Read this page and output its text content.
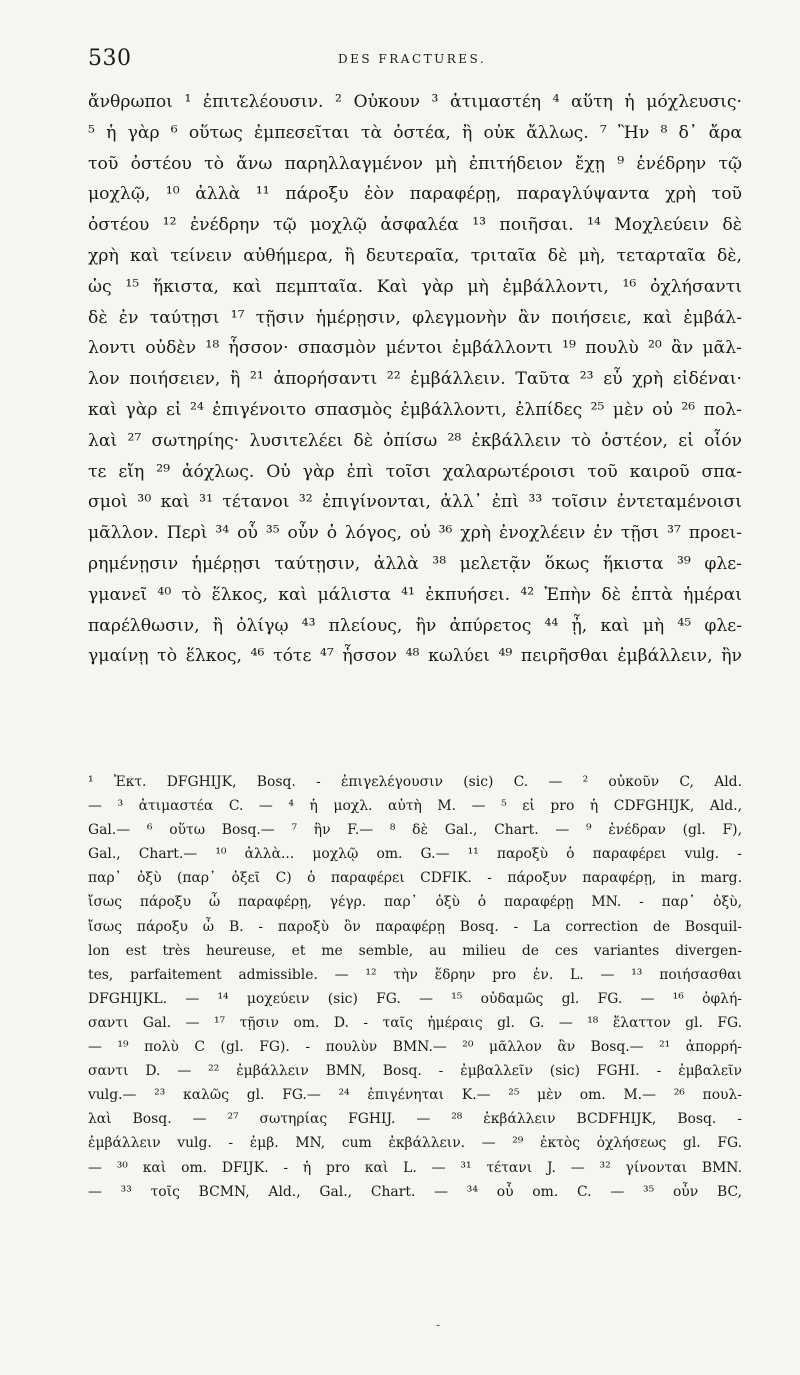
530	DES FRACTURES.
ἄνθρωποι ¹ ἐπιτελέουσιν. ² Οὐκουν ³ ἀτιμαστέη ⁴ αὕτη ἡ μόχλευσις·
⁵ ἡ γὰρ ⁶ οὕτως ἐμπεσεῖται τὰ ὀστέα, ἢ οὐκ ἄλλως. ⁷ Ἢν ⁸ δ᾽ ἄρα
τοῦ ὀστέου τὸ ἄνω παρηλλαγμένον μὴ ἐπιτήδειον ἔχῃ ⁹ ἐνέδρην τῷ
μοχλῷ, ¹⁰ ἀλλὰ ¹¹ πάροξυ ἐὸν παραφέρῃ, παραγλύψαντα χρὴ τοῦ
ὀστέου ¹² ἐνέδρην τῷ μοχλῷ ἀσφαλέα ¹³ ποιῆσαι. ¹⁴ Μοχλεύειν δὲ
χρὴ καὶ τείνειν αὐθήμερα, ἢ δευτεραῖα, τριταῖα δὲ μὴ, τεταρταῖα δὲ,
ὡς ¹⁵ ἥκιστα, καὶ πεμπταῖα. Καὶ γὰρ μὴ ἐμβάλλοντι, ¹⁶ ὀχλήσαντι
δὲ ἐν ταύτῃσι ¹⁷ τῇσιν ἡμέρῃσιν, φλεγμονὴν ἂν ποιήσειε, καὶ ἐμβάλ-
λοντι οὐδὲν ¹⁸ ἧσσον· σπασμὸν μέντοι ἐμβάλλοντι ¹⁹ πουλὺ ²⁰ ἂν μᾶλ-
λον ποιήσειεν, ἢ ²¹ ἀπορήσαντι ²² ἐμβάλλειν. Ταῦτα ²³ εὖ χρὴ εἰδέναι·
καὶ γὰρ εἰ ²⁴ ἐπιγένοιτο σπασμὸς ἐμβάλλοντι, ἐλπίδες ²⁵ μὲν οὐ ²⁶ πολ-
λαὶ ²⁷ σωτηρίης· λυσιτελέει δὲ ὀπίσω ²⁸ ἐκβάλλειν τὸ ὀστέον, εἰ οἷόν
τε εἴη ²⁹ ἀόχλως. Οὐ γὰρ ἐπὶ τοῖσι χαλαρωτέροισι τοῦ καιροῦ σπα-
σμοὶ ³⁰ καὶ ³¹ τέτανοι ³² ἐπιγίνονται, ἀλλ᾽ ἐπὶ ³³ τοῖσιν ἐντεταμένοισι
μᾶλλον. Περὶ ³⁴ οὗ ³⁵ οὖν ὁ λόγος, οὐ ³⁶ χρὴ ἐνοχλέειν ἐν τῇσι ³⁷ προει-
ρημένῃσιν ἡμέρῃσι ταύτῃσιν, ἀλλὰ ³⁸ μελετᾷν ὅκως ἥκιστα ³⁹ φλε-
γμανεῖ ⁴⁰ τὸ ἕλκος, καὶ μάλιστα ⁴¹ ἐκπυήσει. ⁴² Ἐπὴν δὲ ἑπτὰ ἡμέραι
παρέλθωσιν, ἢ ὀλίγῳ ⁴³ πλείους, ἢν ἀπύρετος ⁴⁴ ᾖ, καὶ μὴ ⁴⁵ φλε-
γμαίνῃ τὸ ἕλκος, ⁴⁶ τότε ⁴⁷ ἧσσον ⁴⁸ κωλύει ⁴⁹ πειρῆσθαι ἐμβάλλειν, ἢν
¹ Ἐκτ. DFGHIJK, Bosq. - ἐπιγελέγουσιν (sic) C. — ² οὐκοῦν C, Ald.
— ³ ἀτιμαστέα C. — ⁴ ἡ μοχλ. αὐτὴ M. — ⁵ εἰ pro ἡ CDFGHIJK, Ald.,
Gal.— ⁶ οὕτω Bosq.— ⁷ ἣν F.— ⁸ δὲ Gal., Chart. — ⁹ ἐνέδραν (gl. F),
Gal., Chart.— ¹⁰ ἀλλὰ... μοχλῷ om. G.— ¹¹ παροξὺ ὁ παραφέρει vulg. -
παρ᾽ ὀξὺ (παρ᾽ ὀξεῖ C) ὁ παραφέρει CDFIK. - πάροξυν παραφέρῃ, in marg.
ἴσως πάροξυ ὦ παραφέρῃ, γέγρ. παρ᾽ ὀξὺ ὁ παραφέρῃ MN. - παρ᾽ ὀξὺ,
ἴσως πάροξυ ὦ B. - παροξὺ ὂν παραφέρῃ Bosq. - La correction de Bosquil-
lon est très heureuse, et me semble, au milieu de ces variantes divergen-
tes, parfaitement admissible. — ¹² τὴν ἕδρην pro ἐν. L. — ¹³ ποιήσασθαι
DFGHIJKL. — ¹⁴ μοχεύειν (sic) FG. — ¹⁵ οὐδαμῶς gl. FG. — ¹⁶ ὀφλή-
σαντι Gal. — ¹⁷ τῇσιν om. D. - ταῖς ἡμέραις gl. G. — ¹⁸ ἔλαττον gl. FG.
— ¹⁹ πολὺ C (gl. FG). - πουλὺν BMN.— ²⁰ μᾶλλον ἂν Bosq.— ²¹ ἀπορρή-
σαντι D. — ²² ἐμβάλλειν BMN, Bosq. - ἐμβαλλεῖν (sic) FGHI. - ἐμβαλεῖν
vulg.— ²³ καλῶς gl. FG.— ²⁴ ἐπιγένηται K.— ²⁵ μὲν om. M.— ²⁶ πουλ-
λαὶ Bosq. — ²⁷ σωτηρίας FGHIJ. — ²⁸ ἐκβάλλειν BCDFHIJK, Bosq. -
ἐμβάλλειν vulg. - ἐμβ. MN, cum ἐκβάλλειν. — ²⁹ ἐκτὸς ὀχλήσεως gl. FG.
— ³⁰ καὶ om. DFIJK. - ἡ pro καὶ L. — ³¹ τέτανι J. — ³² γίνονται BMN.
— ³³ τοῖς BCMN, Ald., Gal., Chart. — ³⁴ οὗ om. C. — ³⁵ οὖν BC,
-
